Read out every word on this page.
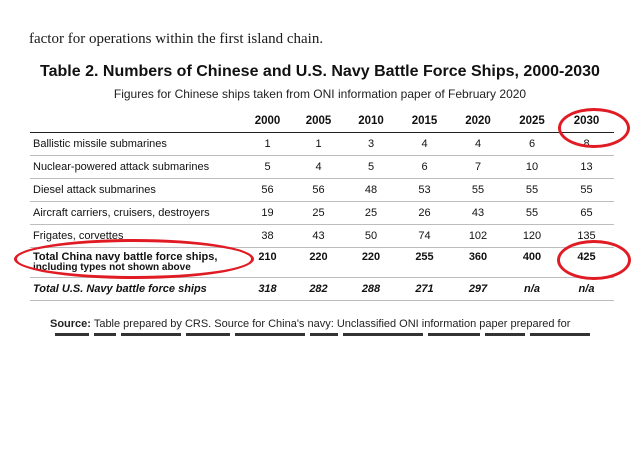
factor for operations within the first island chain.
Table 2. Numbers of Chinese and U.S. Navy Battle Force Ships, 2000-2030
Figures for Chinese ships taken from ONI information paper of February 2020
	2000	2005	2010	2015	2020	2025	2030
Ballistic missile submarines	1	1	3	4	4	6	8
Nuclear-powered attack submarines	5	4	5	6	7	10	13
Diesel attack submarines	56	56	48	53	55	55	55
Aircraft carriers, cruisers, destroyers	19	25	25	26	43	55	65
Frigates, corvettes	38	43	50	74	102	120	135
Total China navy battle force ships,
including types not shown above	210	220	220	255	360	400	425
Total U.S. Navy battle force ships	318	282	288	271	297	n/a	n/a
Source: Table prepared by CRS. Source for China's navy: Unclassified ONI information paper prepared for
